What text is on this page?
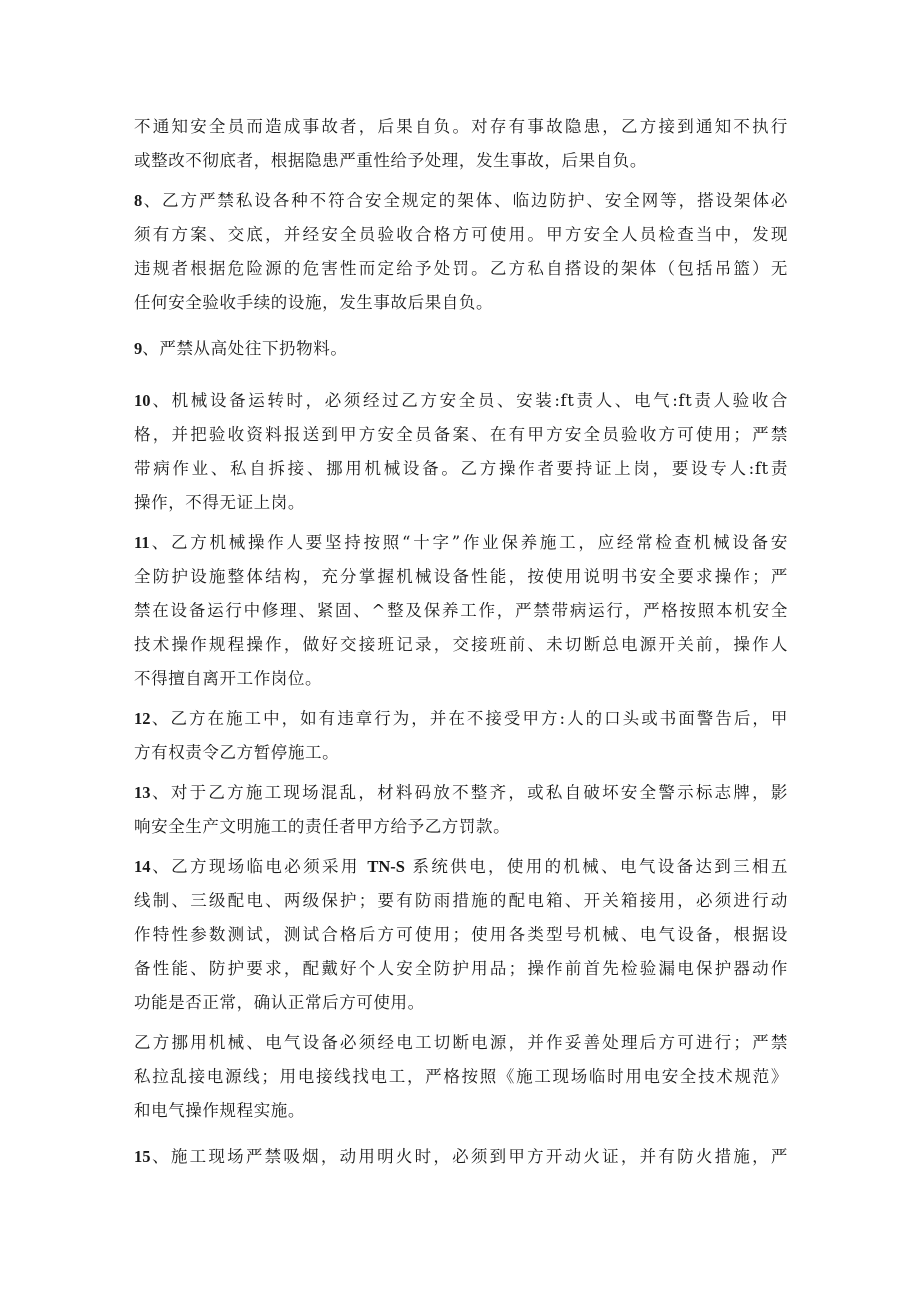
不通知安全员而造成事故者，后果自负。对存有事故隐患，乙方接到通知不执行
或整改不彻底者，根据隐患严重性给予处理，发生事故，后果自负。
8、乙方严禁私设各种不符合安全规定的架体、临边防护、安全网等，搭设架体必
须有方案、交底，并经安全员验收合格方可使用。甲方安全人员检查当中，发现
违规者根据危险源的危害性而定给予处罚。乙方私自搭设的架体（包括吊篮）无
任何安全验收手续的设施，发生事故后果自负。
9、严禁从高处往下扔物料。
10、机械设备运转时，必须经过乙方安全员、安装:ft责人、电气:ft责人验收合
格，并把验收资料报送到甲方安全员备案、在有甲方安全员验收方可使用；严禁
带病作业、私自拆接、挪用机械设备。乙方操作者要持证上岗，要设专人:ft责
操作，不得无证上岗。
11、乙方机械操作人要坚持按照“十字”作业保养施工，应经常检查机械设备安
全防护设施整体结构，充分掌握机械设备性能，按使用说明书安全要求操作；严
禁在设备运行中修理、紧固、^整及保养工作，严禁带病运行，严格按照本机安全
技术操作规程操作，做好交接班记录，交接班前、未切断总电源开关前，操作人
不得擅自离开工作岗位。
12、乙方在施工中，如有违章行为，并在不接受甲方:人的口头或书面警告后，甲
方有权责令乙方暂停施工。
13、对于乙方施工现场混乱，材料码放不整齐，或私自破坏安全警示标志牌，影
响安全生产文明施工的责任者甲方给予乙方罚款。
14、乙方现场临电必须采用 TN-S 系统供电，使用的机械、电气设备达到三相五
线制、三级配电、两级保护；要有防雨措施的配电箱、开关箱接用，必须进行动
作特性参数测试，测试合格后方可使用；使用各类型号机械、电气设备，根据设
备性能、防护要求，配戴好个人安全防护用品；操作前首先检验漏电保护器动作
功能是否正常，确认正常后方可使用。
乙方挪用机械、电气设备必须经电工切断电源，并作妥善处理后方可进行；严禁
私拉乱接电源线；用电接线找电工，严格按照《施工现场临时用电安全技术规范》
和电气操作规程实施。
15、施工现场严禁吸烟，动用明火时，必须到甲方开动火证，并有防火措施，严
